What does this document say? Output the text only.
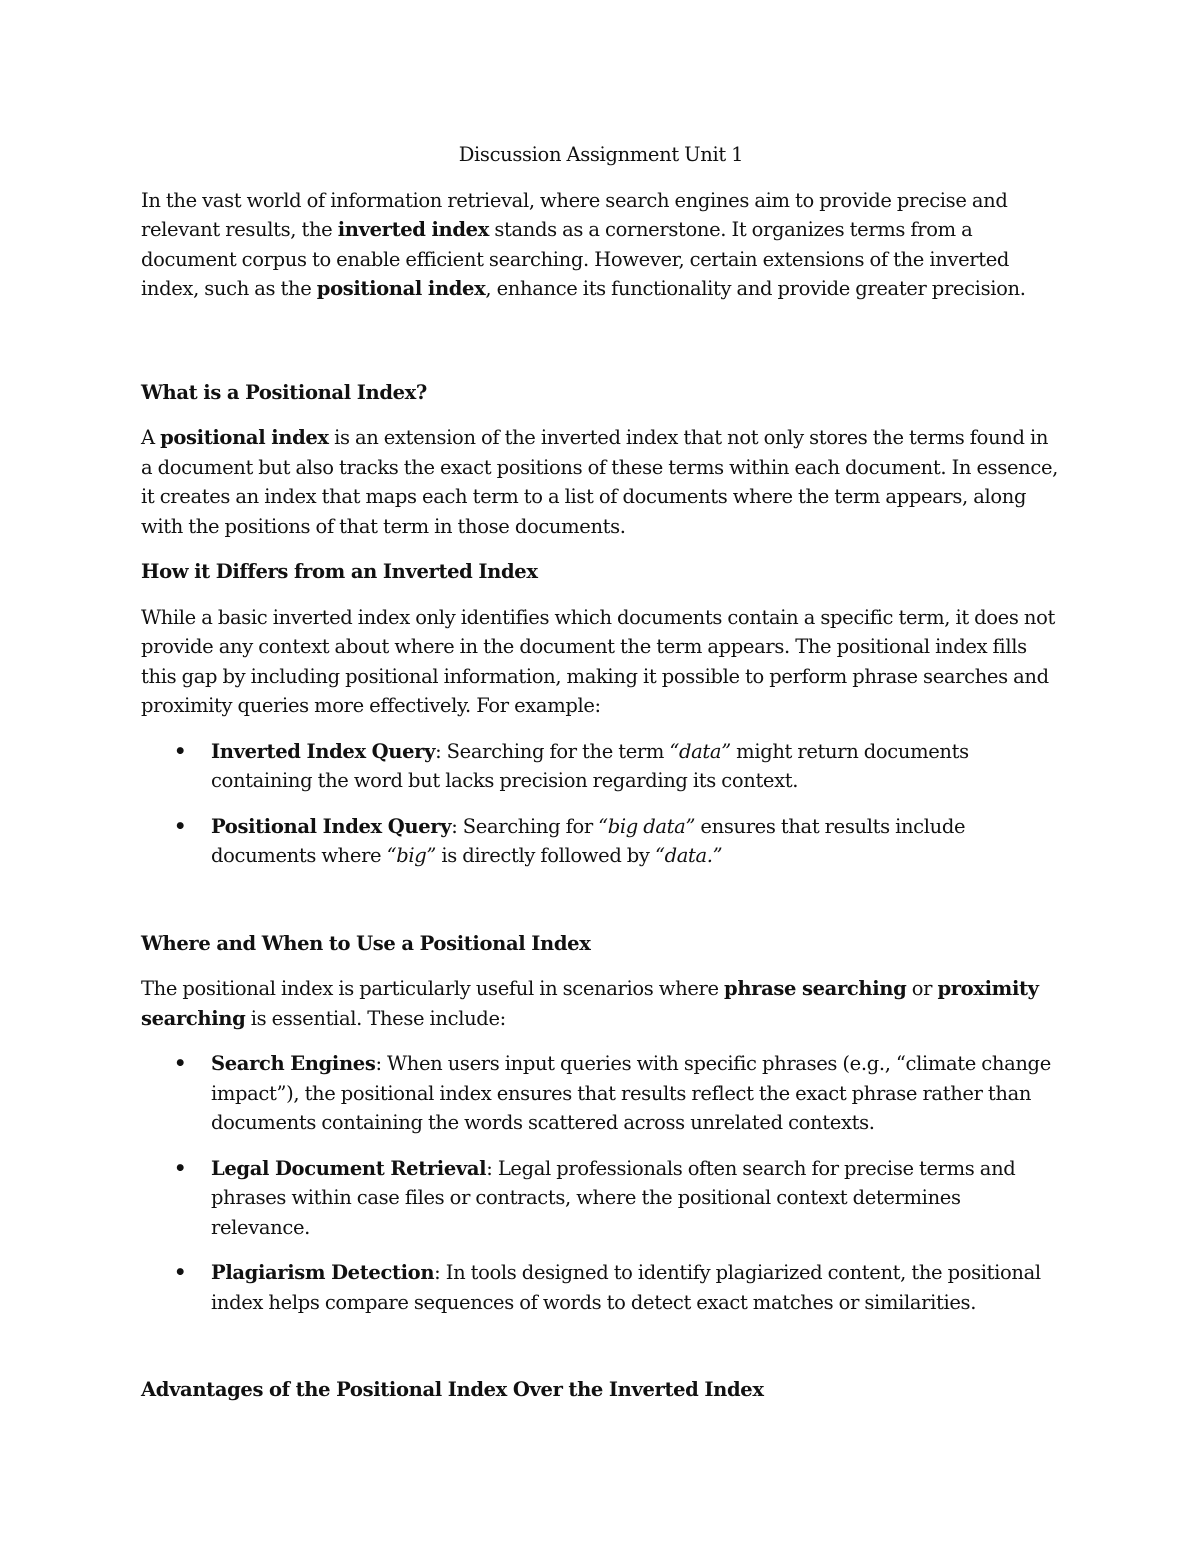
Discussion Assignment Unit 1

In the vast world of information retrieval, where search engines aim to provide precise and relevant results, the inverted index stands as a cornerstone. It organizes terms from a document corpus to enable efficient searching. However, certain extensions of the inverted index, such as the positional index, enhance its functionality and provide greater precision.

What is a Positional Index?

A positional index is an extension of the inverted index that not only stores the terms found in a document but also tracks the exact positions of these terms within each document. In essence, it creates an index that maps each term to a list of documents where the term appears, along with the positions of that term in those documents.

How it Differs from an Inverted Index

While a basic inverted index only identifies which documents contain a specific term, it does not provide any context about where in the document the term appears. The positional index fills this gap by including positional information, making it possible to perform phrase searches and proximity queries more effectively. For example:

• Inverted Index Query: Searching for the term “data” might return documents containing the word but lacks precision regarding its context.
• Positional Index Query: Searching for “big data” ensures that results include documents where “big” is directly followed by “data.”

Where and When to Use a Positional Index

The positional index is particularly useful in scenarios where phrase searching or proximity searching is essential. These include:

• Search Engines: When users input queries with specific phrases (e.g., “climate change impact”), the positional index ensures that results reflect the exact phrase rather than documents containing the words scattered across unrelated contexts.
• Legal Document Retrieval: Legal professionals often search for precise terms and phrases within case files or contracts, where the positional context determines relevance.
• Plagiarism Detection: In tools designed to identify plagiarized content, the positional index helps compare sequences of words to detect exact matches or similarities.

Advantages of the Positional Index Over the Inverted Index
